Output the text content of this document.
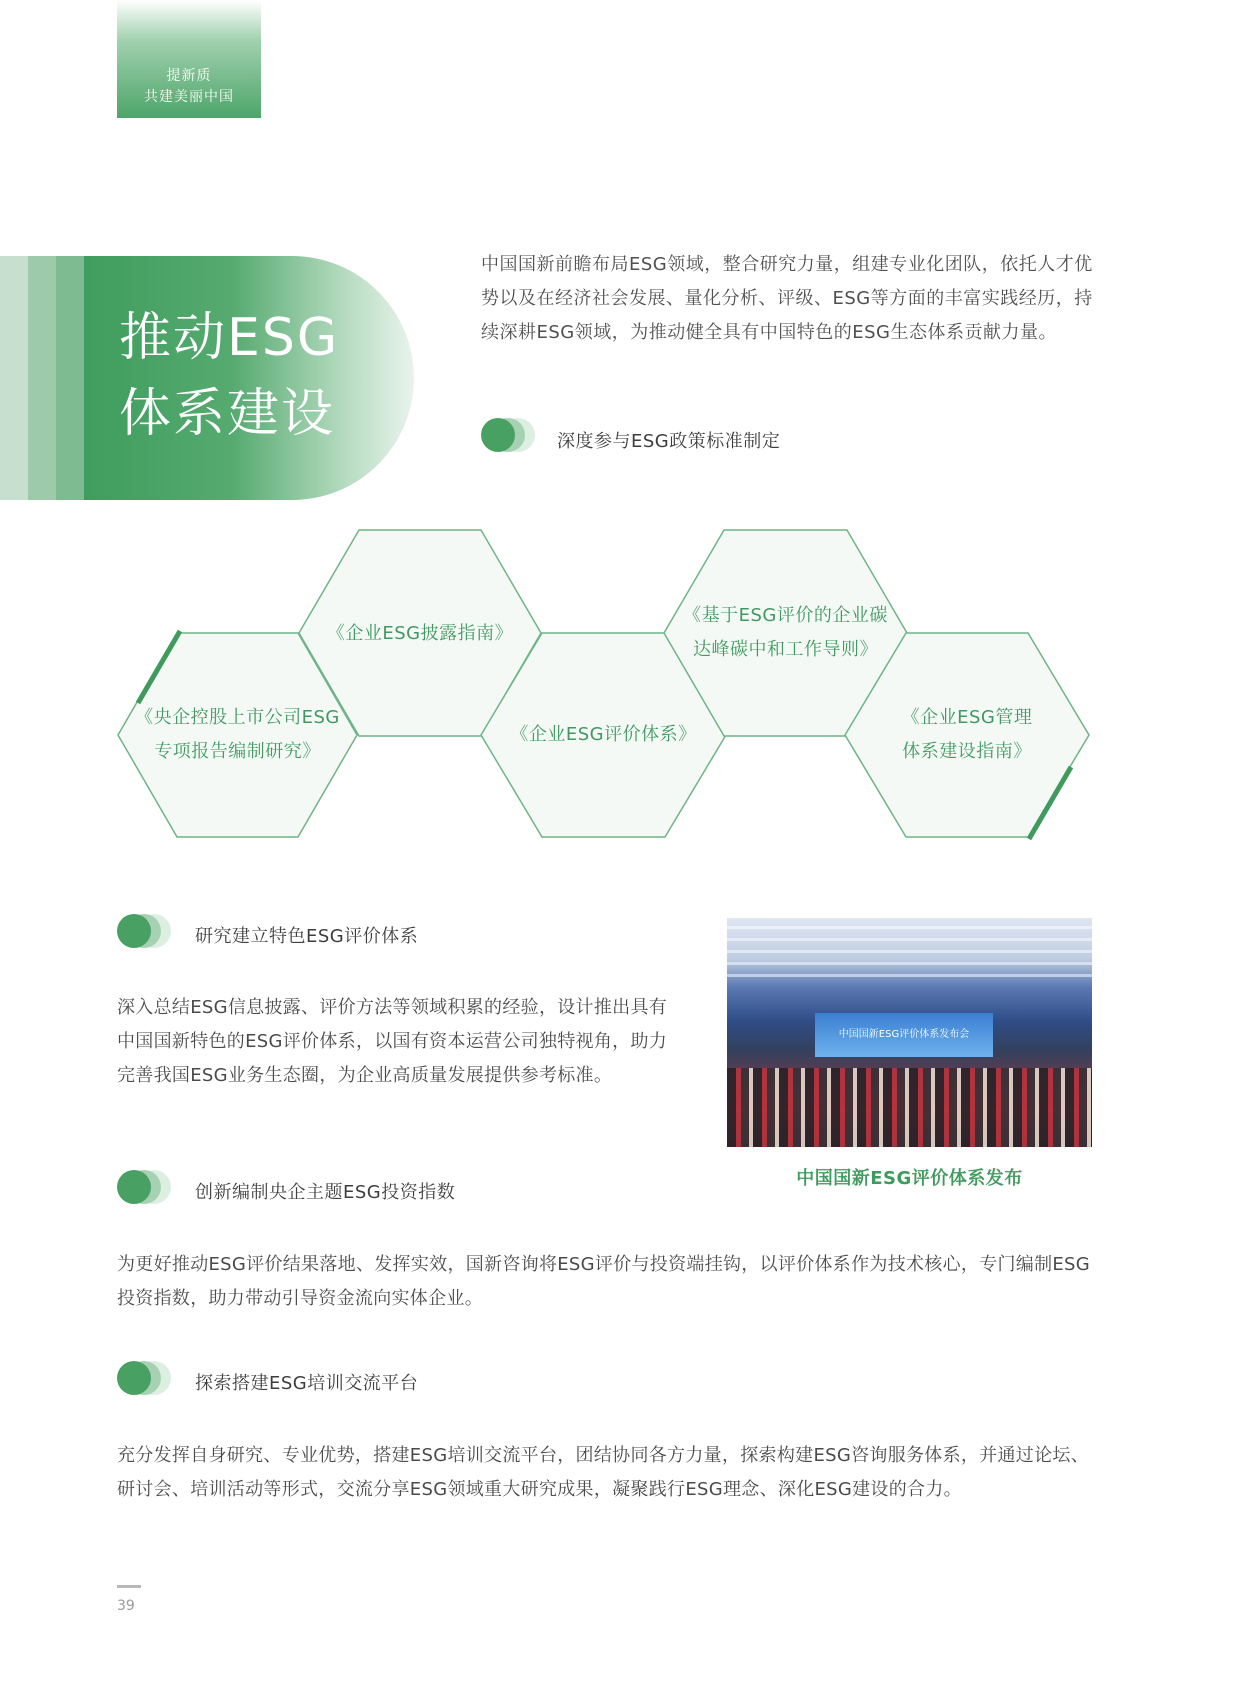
提新质
共建美丽中国
推动ESG
体系建设

中国国新前瞻布局ESG领域，整合研究力量，组建专业化团队，依托人才优势以及在经济社会发展、量化分析、评级、ESG等方面的丰富实践经历，持续深耕ESG领域，为推动健全具有中国特色的ESG生态体系贡献力量。

深度参与ESG政策标准制定
《央企控股上市公司ESG
专项报告编制研究》
《企业ESG披露指南》
《企业ESG评价体系》
《基于ESG评价的企业碳
达峰碳中和工作导则》
《企业ESG管理
体系建设指南》
研究建立特色ESG评价体系

深入总结ESG信息披露、评价方法等领域积累的经验，设计推出具有中国国新特色的ESG评价体系，以国有资本运营公司独特视角，助力完善我国ESG业务生态圈，为企业高质量发展提供参考标准。

中国国新ESG评价体系发布会
中国国新ESG评价体系发布
创新编制央企主题ESG投资指数

为更好推动ESG评价结果落地、发挥实效，国新咨询将ESG评价与投资端挂钩，以评价体系作为技术核心，专门编制ESG投资指数，助力带动引导资金流向实体企业。

探索搭建ESG培训交流平台

充分发挥自身研究、专业优势，搭建ESG培训交流平台，团结协同各方力量，探索构建ESG咨询服务体系，并通过论坛、研讨会、培训活动等形式，交流分享ESG领域重大研究成果，凝聚践行ESG理念、深化ESG建设的合力。

39
